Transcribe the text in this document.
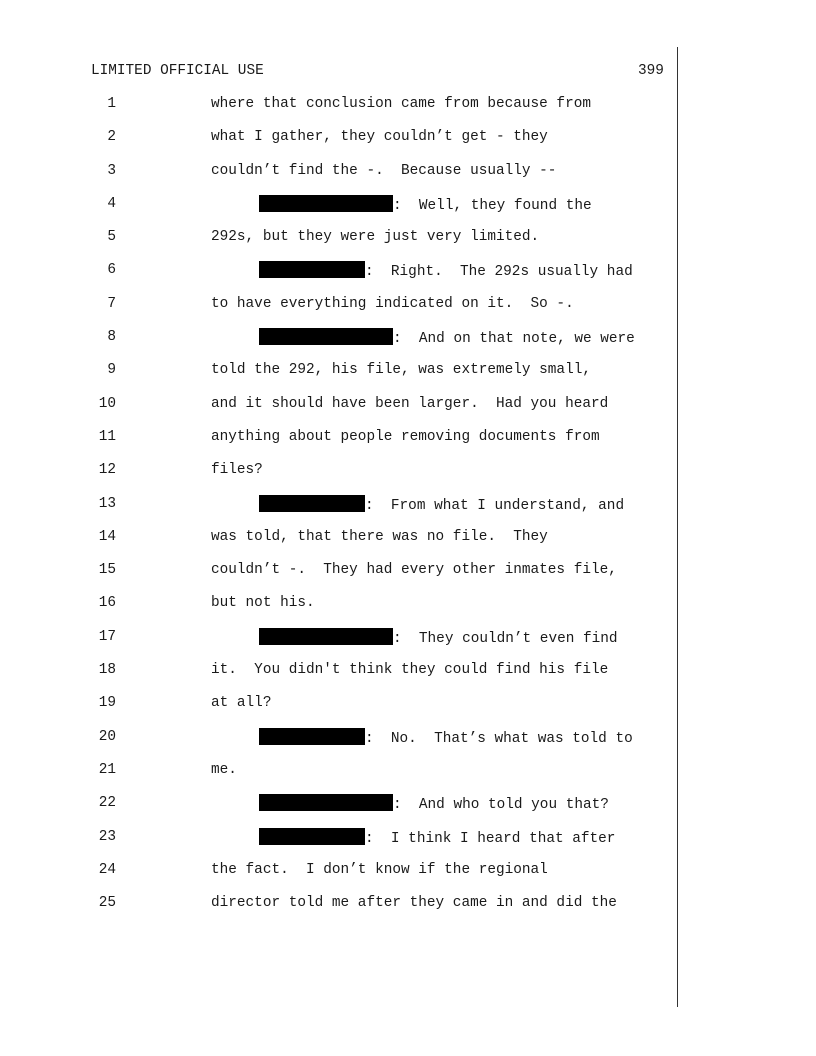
LIMITED OFFICIAL USE	399
1	where that conclusion came from because from
2	what I gather, they couldn’t get - they
3	couldn’t find the -.  Because usually --
4	:  Well, they found the
5	292s, but they were just very limited.
6	:  Right.  The 292s usually had
7	to have everything indicated on it.  So -.
8	:  And on that note, we were
9	told the 292, his file, was extremely small,
10	and it should have been larger.  Had you heard
11	anything about people removing documents from
12	files?
13	:  From what I understand, and
14	was told, that there was no file.  They
15	couldn’t -.  They had every other inmates file,
16	but not his.
17	:  They couldn’t even find
18	it.  You didn't think they could find his file
19	at all?
20	:  No.  That’s what was told to
21	me.
22	:  And who told you that?
23	:  I think I heard that after
24	the fact.  I don’t know if the regional
25	director told me after they came in and did the
